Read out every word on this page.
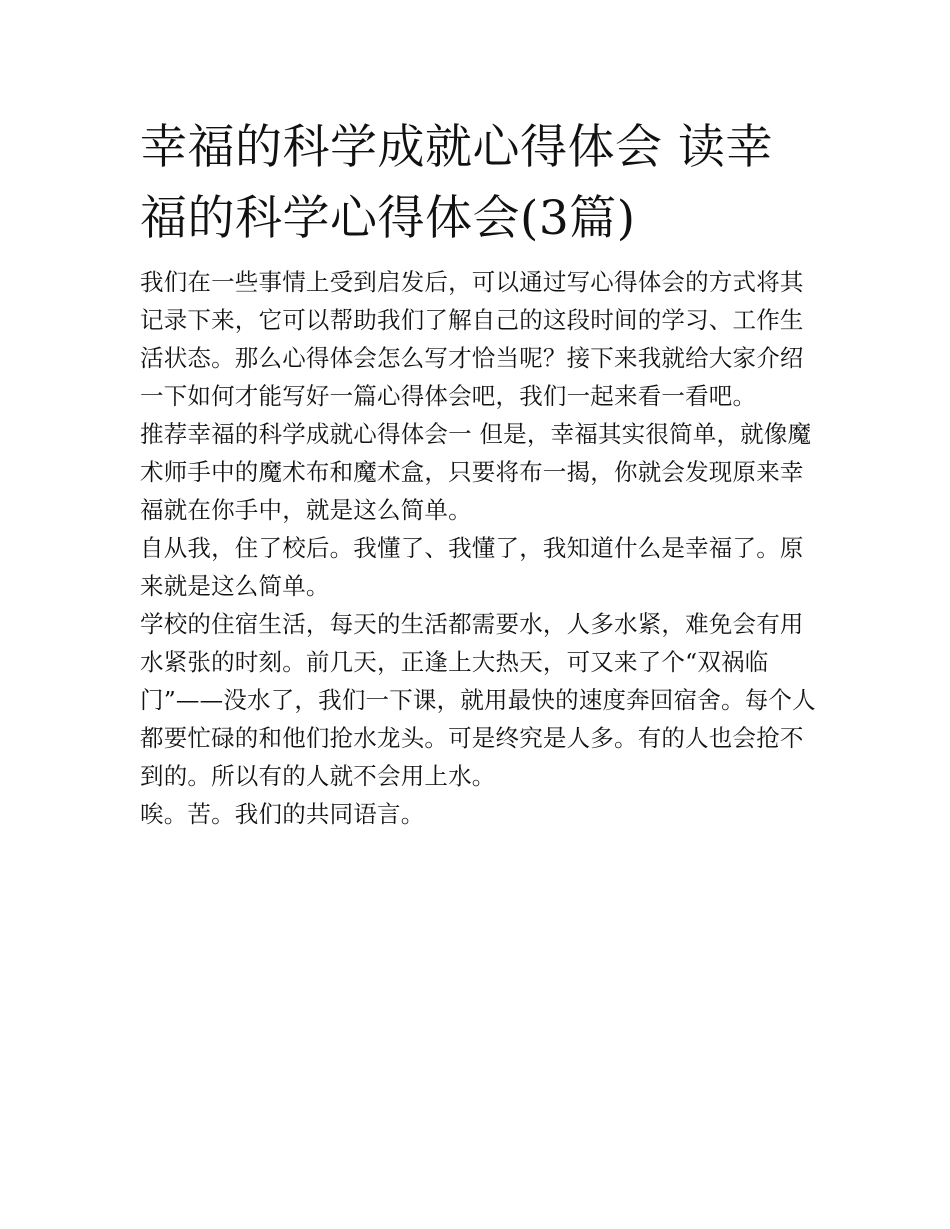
幸福的科学成就心得体会 读幸福的科学心得体会(3篇)

我们在一些事情上受到启发后，可以通过写心得体会的方式将其记录下来，它可以帮助我们了解自己的这段时间的学习、工作生活状态。那么心得体会怎么写才恰当呢？接下来我就给大家介绍一下如何才能写好一篇心得体会吧，我们一起来看一看吧。

推荐幸福的科学成就心得体会一 但是，幸福其实很简单，就像魔术师手中的魔术布和魔术盒，只要将布一揭，你就会发现原来幸福就在你手中，就是这么简单。

自从我，住了校后。我懂了、我懂了，我知道什么是幸福了。原来就是这么简单。

学校的住宿生活，每天的生活都需要水，人多水紧，难免会有用水紧张的时刻。前几天，正逢上大热天，可又来了个“双祸临门”——没水了，我们一下课，就用最快的速度奔回宿舍。每个人都要忙碌的和他们抢水龙头。可是终究是人多。有的人也会抢不到的。所以有的人就不会用上水。

唉。苦。我们的共同语言。
